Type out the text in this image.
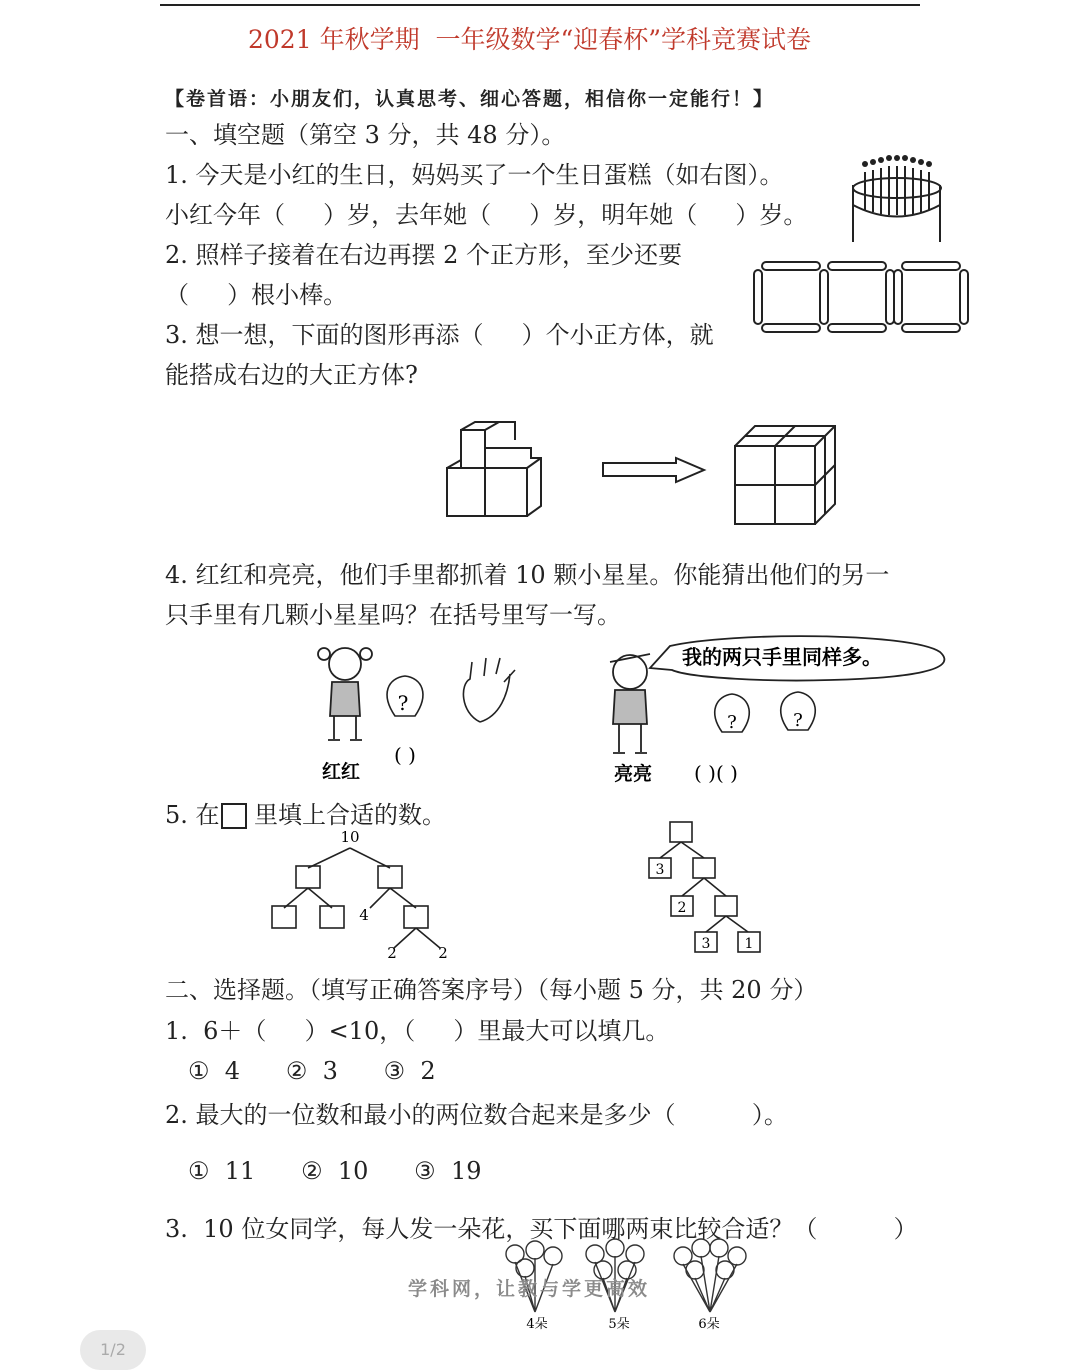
2021 年秋学期  一年级数学“迎春杯”学科竞赛试卷
【卷首语：小朋友们，认真思考、细心答题，相信你一定能行！】
一、填空题（第空 3 分，共 48 分）。
1. 今天是小红的生日，妈妈买了一个生日蛋糕（如右图）。
小红今年（     ）岁，去年她（     ）岁，明年她（     ）岁。
2. 照样子接着在右边再摆 2 个正方形，至少还要
（     ）根小棒。
3. 想一想，下面的图形再添（     ）个小正方体，就
能搭成右边的大正方体?
4. 红红和亮亮，他们手里都抓着 10 颗小星星。你能猜出他们的另一
只手里有几颗小星星吗？在括号里写一写。
?
我的两只手里同样多。
?	?
红红
( )
亮亮 ( )( )
5. 在 里填上合适的数。
10
4
2	2
3
2
3 1
二、选择题。（填写正确答案序号）（每小题 5 分，共 20 分）
1.  6＋（     ）<10，（     ）里最大可以填几。
①  4      ②  3      ③  2
2. 最大的一位数和最小的两位数合起来是多少（          ）。
①  11      ②  10      ③  19
3.  10 位女同学，每人发一朵花，买下面哪两束比较合适？（          ）
4朵	5朵	6朵
学科网，让教与学更高效
1/2
